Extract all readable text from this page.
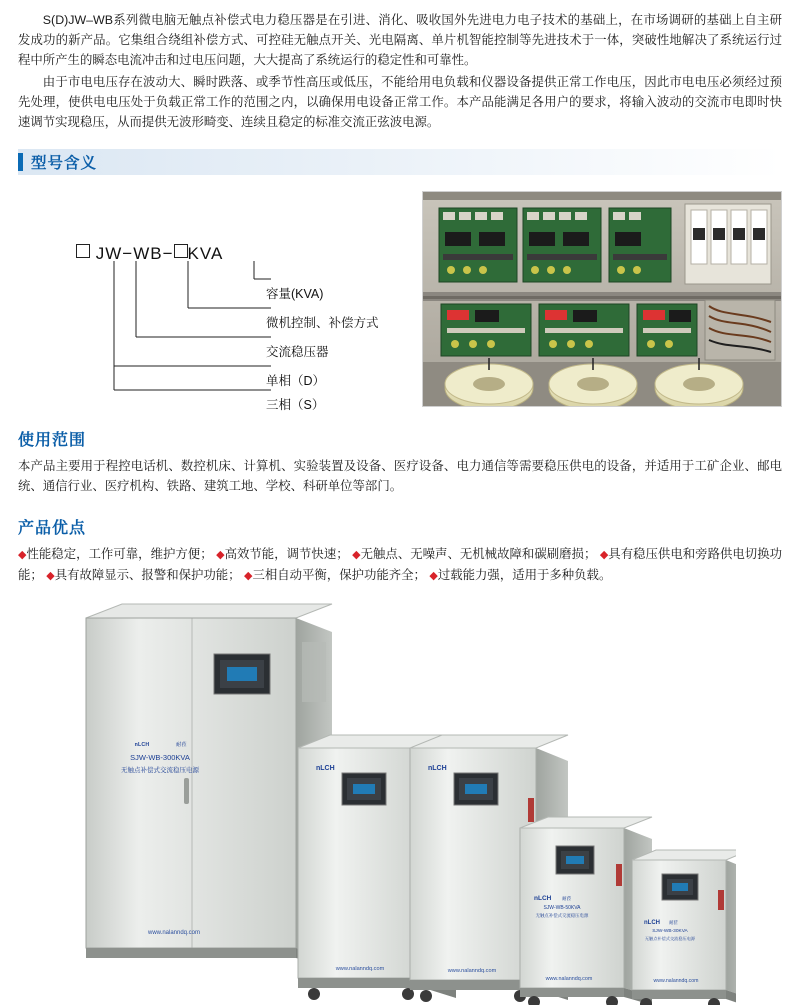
S(D)JW–WB系列微电脑无触点补偿式电力稳压器是在引进、消化、吸收国外先进电力电子技术的基础上，在市场调研的基础上自主研发成功的新产品。它集组合绕组补偿方式、可控硅无触点开关、光电隔离、单片机智能控制等先进技术于一体，突破性地解决了系统运行过程中所产生的瞬态电流冲击和过电压问题，大大提高了系统运行的稳定性和可靠性。

由于市电电压存在波动大、瞬时跌落、或季节性高压或低压，不能给用电负载和仪器设备提供正常工作电压，因此市电电压必须经过预先处理，使供电电压处于负载正常工作的范围之内，以确保用电设备正常工作。本产品能满足各用户的要求，将输入波动的交流市电即时快速调节实现稳压，从而提供无波形畸变、连续且稳定的标准交流正弦波电源。

型号含义
JW−WB− KVA
容量(KVA)
微机控制、补偿方式
交流稳压器
单相（D）
三相（S）
使用范围
本产品主要用于程控电话机、数控机床、计算机、实验装置及设备、医疗设备、电力通信等需要稳压供电的设备，并适用于工矿企业、邮电统、通信行业、医疗机构、铁路、建筑工地、学校、科研单位等部门。
产品优点
◆性能稳定，工作可靠，维护方便； ◆高效节能，调节快速； ◆无触点、无噪声、无机械故障和碳刷磨损； ◆具有稳压供电和旁路供电切换功能； ◆具有故障显示、报警和保护功能； ◆三相自动平衡，保护功能齐全； ◆过载能力强，适用于多种负载。
nLCH	耐菈
SJW-WB-300KVA
无触点补偿式交流稳压电源
www.nalanndq.com
nLCH
www.nalanndq.com
nLCH
www.nalanndq.com
nLCH 耐菈
SJW-WB-50KVA
无触点补偿式交流稳压电源
www.nalanndq.com
nLCH 耐菈
SJW-WB-30KVA
无触点补偿式交流稳压电源
www.nalanndq.com
